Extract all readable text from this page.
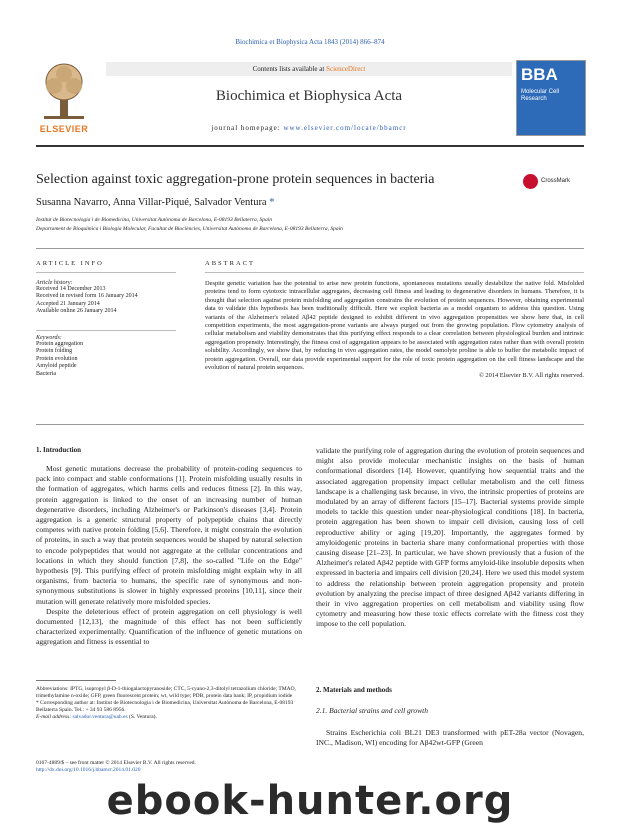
Biochimica et Biophysica Acta 1843 (2014) 866–874
ELSEVIER
Contents lists available at ScienceDirect
Biochimica et Biophysica Acta
journal homepage: www.elsevier.com/locate/bbamcr
BBA
Molecular Cell Research
Selection against toxic aggregation-prone protein sequences in bacteria	CrossMark
Susanna Navarro, Anna Villar-Piqué, Salvador Ventura *
Institut de Biotecnologia i de Biomedicina, Universitat Autònoma de Barcelona, E-08193 Bellaterra, Spain
Departament de Bioquímica i Biologia Molecular, Facultat de Biociències, Universitat Autònoma de Barcelona, E-08193 Bellaterra, Spain
ARTICLE INFO
Article history:
Received 14 December 2013
Received in revised form 16 January 2014
Accepted 21 January 2014
Available online 26 January 2014
Keywords:
Protein aggregation
Protein folding
Protein evolution
Amyloid peptide
Bacteria
ABSTRACT
Despite genetic variation has the potential to arise new protein functions, spontaneous mutations usually destabilize the native fold. Misfolded proteins tend to form cytotoxic intracellular aggregates, decreasing cell fitness and leading to degenerative disorders in humans. Therefore, it is thought that selection against protein misfolding and aggregation constrains the evolution of protein sequences. However, obtaining experimental data to validate this hypothesis has been traditionally difficult. Here we exploit bacteria as a model organism to address this question. Using variants of the Alzheimer's related Aβ42 peptide designed to exhibit different in vivo aggregation propensities we show here that, in cell competition experiments, the most aggregation-prone variants are always purged out from the growing population. Flow cytometry analysis of cellular metabolism and viability demonstrates that this purifying effect responds to a clear correlation between physiological burden and intrinsic aggregation propensity. Interestingly, the fitness cost of aggregation appears to be associated with aggregation rates rather than with overall protein solubility. Accordingly, we show that, by reducing in vivo aggregation rates, the model osmolyte proline is able to buffer the metabolic impact of protein aggregation. Overall, our data provide experimental support for the role of toxic protein aggregation on the cell fitness landscape and the evolution of natural protein sequences.
© 2014 Elsevier B.V. All rights reserved.
1. Introduction

Most genetic mutations decrease the probability of protein-coding sequences to pack into compact and stable conformations [1]. Protein misfolding usually results in the formation of aggregates, which harms cells and reduces fitness [2]. In this way, protein aggregation is linked to the onset of an increasing number of human degenerative disorders, including Alzheimer's or Parkinson's diseases [3,4]. Protein aggregation is a generic structural property of polypeptide chains that directly competes with native protein folding [5,6]. Therefore, it might constrain the evolution of proteins, in such a way that protein sequences would be shaped by natural selection to encode polypeptides that would not aggregate at the cellular concentrations and locations in which they should function [7,8], the so-called "Life on the Edge" hypothesis [9]. This purifying effect of protein misfolding might explain why in all organisms, from bacteria to humans, the specific rate of synonymous and non-synonymous substitutions is slower in highly expressed proteins [10,11], since their mutation will generate relatively more misfolded species.

Despite the deleterious effect of protein aggregation on cell physiology is well documented [12,13], the magnitude of this effect has not been sufficiently characterized experimentally. Quantification of the influence of genetic mutations on aggregation and fitness is essential to

validate the purifying role of aggregation during the evolution of protein sequences and might also provide molecular mechanistic insights on the basis of human conformational disorders [14]. However, quantifying how sequential traits and the associated aggregation propensity impact cellular metabolism and the cell fitness landscape is a challenging task because, in vivo, the intrinsic properties of proteins are modulated by an array of different factors [15–17]. Bacterial systems provide simple models to tackle this question under near-physiological conditions [18]. In bacteria, protein aggregation has been shown to impair cell division, causing loss of cell reproductive ability or aging [19,20]. Importantly, the aggregates formed by amyloidogenic proteins in bacteria share many conformational properties with those causing disease [21–23]. In particular, we have shown previously that a fusion of the Alzheimer's related Aβ42 peptide with GFP forms amyloid-like insoluble deposits when expressed in bacteria and impairs cell division [20,24]. Here we used this model system to address the relationship between protein aggregation propensity and protein evolution by analyzing the precise impact of three designed Aβ42 variants differing in their in vivo aggregation properties on cell metabolism and viability using flow cytometry and measuring how these toxic effects correlate with the fitness cost they impose to the cell population.

2. Materials and methods
2.1. Bacterial strains and cell growth

Strains Escherichia coli BL21 DE3 transformed with pET-28a vector (Novagen, INC., Madison, WI) encoding for Aβ42wt-GFP (Green

Abbreviations: IPTG, isopropyl β-D-1-thiogalactopyranoside; CTC, 5-cyano-2,3-ditolyl tetrazolium chloride; TMAO, trimethylamine n-oxide; GFP, green fluorescent protein; wt, wild type; PDB, protein data bank; IP, propidium iodide
* Corresponding author at: Institut de Biotecnologia i de Biomedicina, Universitat Autònoma de Barcelona, E-08193 Bellaterra Spain. Tel.: + 34 93 586 8956.
E-mail address: salvador.ventura@uab.es (S. Ventura).
0167-4889/$ – see front matter © 2014 Elsevier B.V. All rights reserved.
http://dx.doi.org/10.1016/j.bbamcr.2014.01.020
ebook-hunter.org
